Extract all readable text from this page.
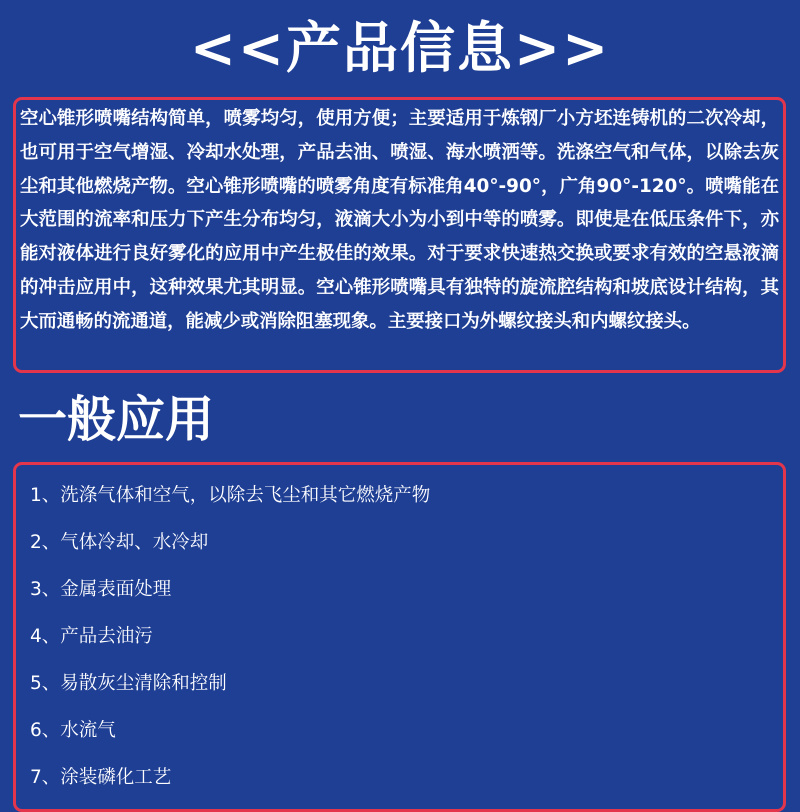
<<产品信息>>

空心锥形喷嘴结构简单，喷雾均匀，使用方便；主要适用于炼钢厂小方坯连铸机的二次冷却，也可用于空气增湿、冷却水处理，产品去油、喷湿、海水喷洒等。洗涤空气和气体，以除去灰尘和其他燃烧产物。空心锥形喷嘴的喷雾角度有标准角40°-90°，广角90°-120°。喷嘴能在大范围的流率和压力下产生分布均匀，液滴大小为小到中等的喷雾。即使是在低压条件下，亦能对液体进行良好雾化的应用中产生极佳的效果。对于要求快速热交换或要求有效的空悬液滴的冲击应用中，这种效果尤其明显。空心锥形喷嘴具有独特的旋流腔结构和坡底设计结构，其大而通畅的流通道，能减少或消除阻塞现象。主要接口为外螺纹接头和内螺纹接头。

一般应用
1、洗涤气体和空气，以除去飞尘和其它燃烧产物
2、气体冷却、水冷却
3、金属表面处理
4、产品去油污
5、易散灰尘清除和控制
6、水流气
7、涂装磷化工艺
